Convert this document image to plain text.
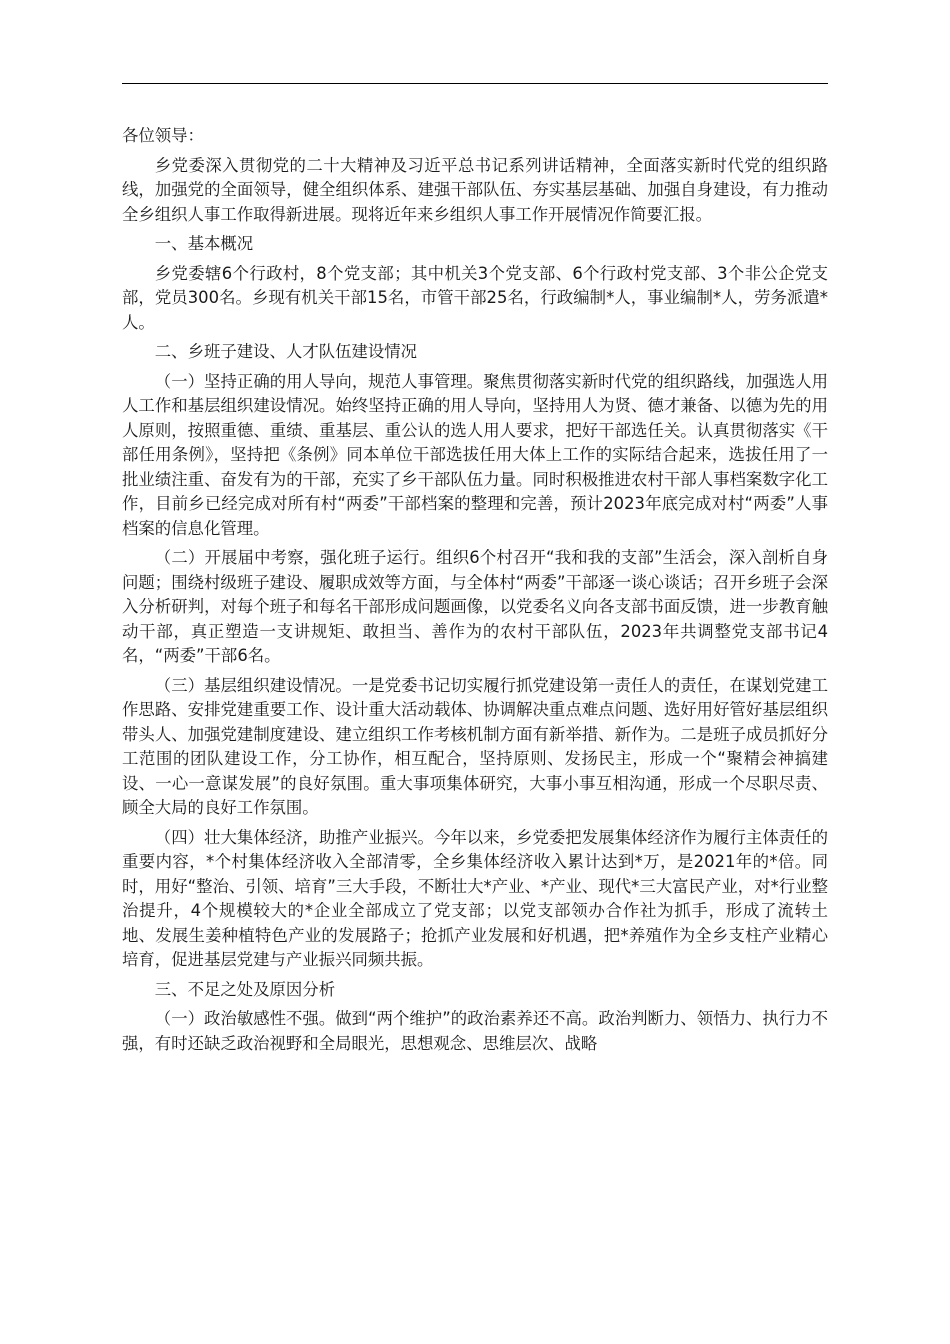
各位领导：

乡党委深入贯彻党的二十大精神及习近平总书记系列讲话精神，全面落实新时代党的组织路线，加强党的全面领导，健全组织体系、建强干部队伍、夯实基层基础、加强自身建设，有力推动全乡组织人事工作取得新进展。现将近年来乡组织人事工作开展情况作简要汇报。

一、基本概况

乡党委辖6个行政村，8个党支部；其中机关3个党支部、6个行政村党支部、3个非公企党支部，党员300名。乡现有机关干部15名，市管干部25名，行政编制*人，事业编制*人，劳务派遣*人。

二、乡班子建设、人才队伍建设情况

（一）坚持正确的用人导向，规范人事管理。聚焦贯彻落实新时代党的组织路线，加强选人用人工作和基层组织建设情况。始终坚持正确的用人导向，坚持用人为贤、德才兼备、以德为先的用人原则，按照重德、重绩、重基层、重公认的选人用人要求，把好干部选任关。认真贯彻落实《干部任用条例》，坚持把《条例》同本单位干部选拔任用大体上工作的实际结合起来，选拔任用了一批业绩注重、奋发有为的干部，充实了乡干部队伍力量。同时积极推进农村干部人事档案数字化工作，目前乡已经完成对所有村“两委”干部档案的整理和完善，预计2023年底完成对村“两委”人事档案的信息化管理。

（二）开展届中考察，强化班子运行。组织6个村召开“我和我的支部”生活会，深入剖析自身问题；围绕村级班子建设、履职成效等方面，与全体村“两委”干部逐一谈心谈话；召开乡班子会深入分析研判，对每个班子和每名干部形成问题画像，以党委名义向各支部书面反馈，进一步教育触动干部，真正塑造一支讲规矩、敢担当、善作为的农村干部队伍，2023年共调整党支部书记4名，“两委”干部6名。

（三）基层组织建设情况。一是党委书记切实履行抓党建设第一责任人的责任，在谋划党建工作思路、安排党建重要工作、设计重大活动载体、协调解决重点难点问题、选好用好管好基层组织带头人、加强党建制度建设、建立组织工作考核机制方面有新举措、新作为。二是班子成员抓好分工范围的团队建设工作，分工协作，相互配合，坚持原则、发扬民主，形成一个“聚精会神搞建设、一心一意谋发展”的良好氛围。重大事项集体研究，大事小事互相沟通，形成一个尽职尽责、顾全大局的良好工作氛围。

（四）壮大集体经济，助推产业振兴。今年以来，乡党委把发展集体经济作为履行主体责任的重要内容，*个村集体经济收入全部清零，全乡集体经济收入累计达到*万，是2021年的*倍。同时，用好“整治、引领、培育”三大手段，不断壮大*产业、*产业、现代*三大富民产业，对*行业整治提升，4个规模较大的*企业全部成立了党支部；以党支部领办合作社为抓手，形成了流转土地、发展生姜种植特色产业的发展路子；抢抓产业发展和好机遇，把*养殖作为全乡支柱产业精心培育，促进基层党建与产业振兴同频共振。

三、不足之处及原因分析

（一）政治敏感性不强。做到“两个维护”的政治素养还不高。政治判断力、领悟力、执行力不强，有时还缺乏政治视野和全局眼光，思想观念、思维层次、战略
